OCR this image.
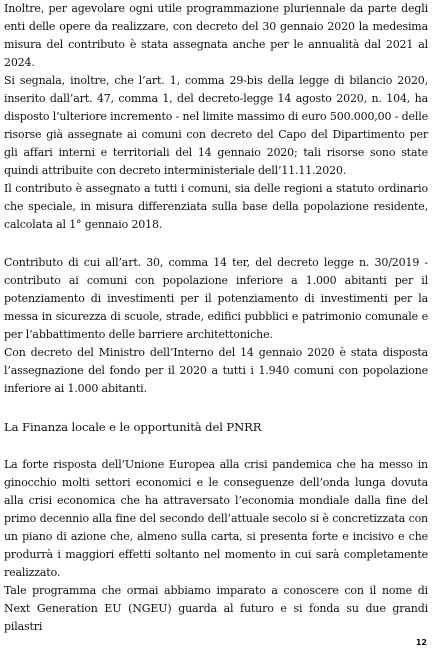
Inoltre, per agevolare ogni utile programmazione pluriennale da parte degli enti delle opere da realizzare, con decreto del 30 gennaio 2020 la medesima misura del contributo è stata assegnata anche per le annualità dal 2021 al 2024.

Si segnala, inoltre, che l’art. 1, comma 29-bis della legge di bilancio 2020, inserito dall’art. 47, comma 1, del decreto-legge 14 agosto 2020, n. 104, ha disposto l’ulteriore incremento - nel limite massimo di euro 500.000,00 - delle risorse già assegnate ai comuni con decreto del Capo del Dipartimento per gli affari interni e territoriali del 14 gennaio 2020; tali risorse sono state quindi attribuite con decreto interministeriale dell’11.11.2020.

Il contributo è assegnato a tutti i comuni, sia delle regioni a statuto ordinario che speciale, in misura differenziata sulla base della popolazione residente, calcolata al 1° gennaio 2018.

Contributo di cui all’art. 30, comma 14 ter, del decreto legge n. 30/2019 - contributo ai comuni con popolazione inferiore a 1.000 abitanti per il potenziamento di investimenti per il potenziamento di investimenti per la messa in sicurezza di scuole, strade, edifici pubblici e patrimonio comunale e per l’abbattimento delle barriere architettoniche.

Con decreto del Ministro dell’Interno del 14 gennaio 2020 è stata disposta l’assegnazione del fondo per il 2020 a tutti i 1.940 comuni con popolazione inferiore ai 1.000 abitanti.

La Finanza locale e le opportunità del PNRR

La forte risposta dell’Unione Europea alla crisi pandemica che ha messo in ginocchio molti settori economici e le conseguenze dell’onda lunga dovuta alla crisi economica che ha attraversato l’economia mondiale dalla fine del primo decennio alla fine del secondo dell’attuale secolo si è concretizzata con un piano di azione che, almeno sulla carta, si presenta forte e incisivo e che produrrà i maggiori effetti soltanto nel momento in cui sarà completamente realizzato.

Tale programma che ormai abbiamo imparato a conoscere con il nome di Next Generation EU (NGEU) guarda al futuro e si fonda su due grandi pilastri

12
